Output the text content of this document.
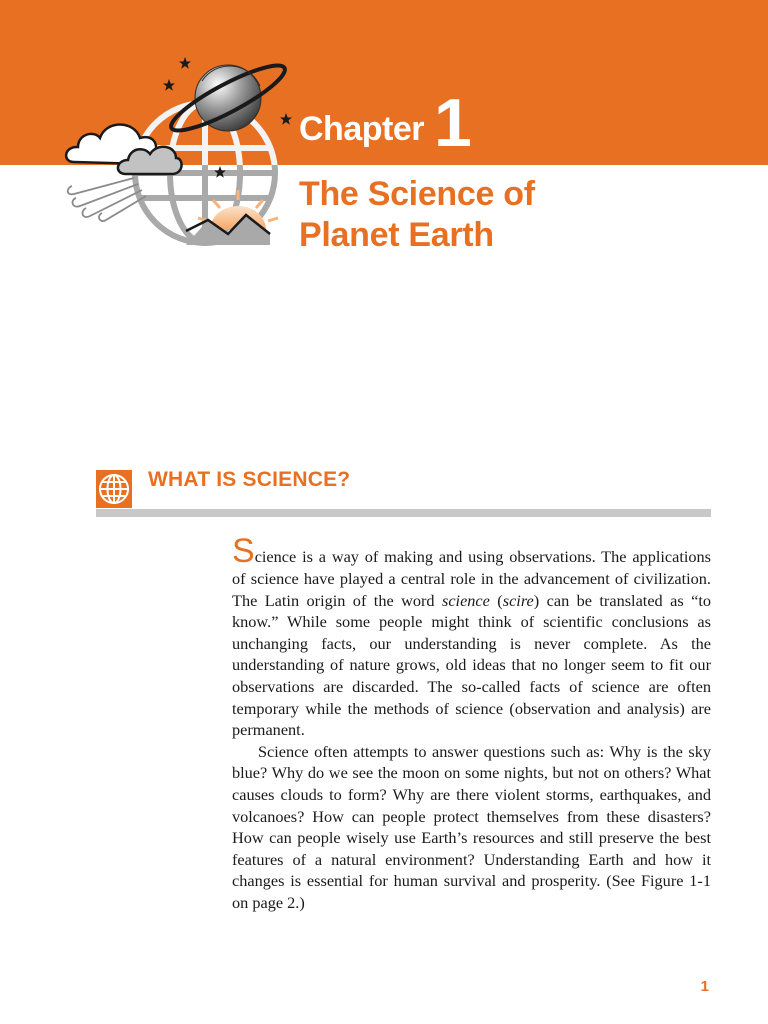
Chapter 1
The Science of
Planet Earth
WHAT IS SCIENCE?

Science is a way of making and using observations. The applications of science have played a central role in the advancement of civilization. The Latin origin of the word science (scire) can be translated as “to know.” While some people might think of scientific conclusions as unchanging facts, our understanding is never complete. As the understanding of nature grows, old ideas that no longer seem to fit our observations are discarded. The so-called facts of science are often temporary while the methods of science (observation and analysis) are permanent.

Science often attempts to answer questions such as: Why is the sky blue? Why do we see the moon on some nights, but not on others? What causes clouds to form? Why are there violent storms, earthquakes, and volcanoes? How can people protect themselves from these disasters? How can people wisely use Earth’s resources and still preserve the best features of a natural environment? Understanding Earth and how it changes is essential for human survival and prosperity. (See Figure 1-1 on page 2.)

1
